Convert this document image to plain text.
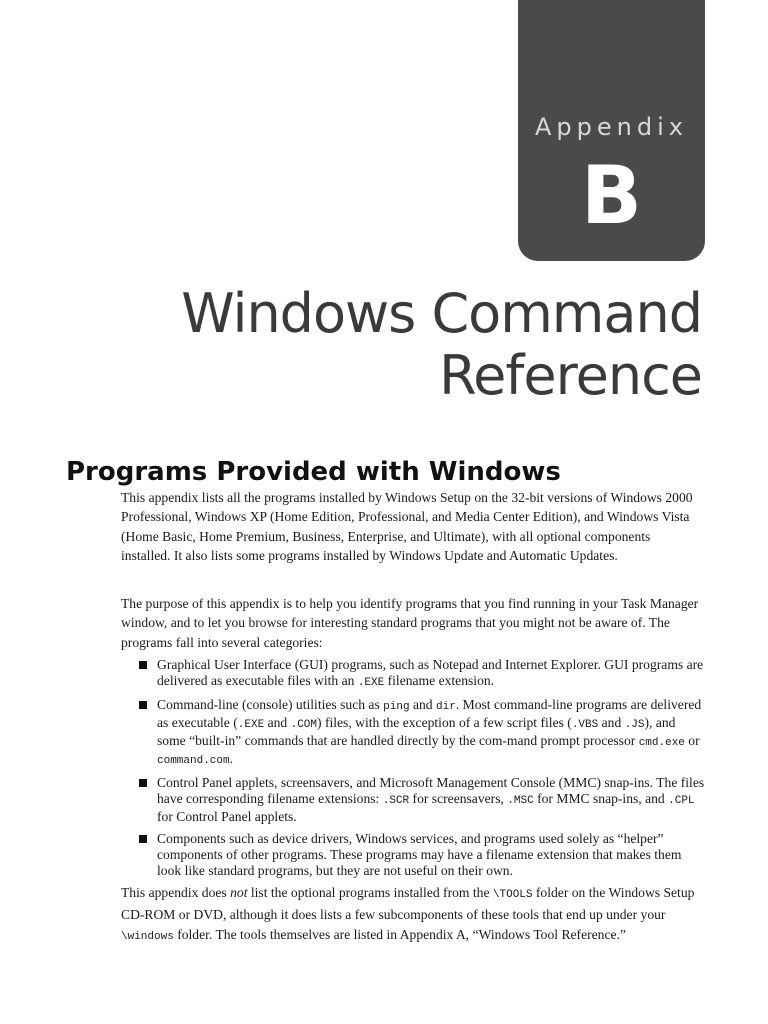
Appendix
B
Windows Command
Reference
Programs Provided with Windows

This appendix lists all the programs installed by Windows Setup on the 32-bit versions of Windows 2000 Professional, Windows XP (Home Edition, Professional, and Media Center Edition), and Windows Vista (Home Basic, Home Premium, Business, Enterprise, and Ultimate), with all optional components installed. It also lists some programs installed by Windows Update and Automatic Updates.

The purpose of this appendix is to help you identify programs that you find running in your Task Manager window, and to let you browse for interesting standard programs that you might not be aware of. The programs fall into several categories:

Graphical User Interface (GUI) programs, such as Notepad and Internet Explorer. GUI programs are delivered as executable files with an .EXE filename extension.
Command-line (console) utilities such as ping and dir. Most command-line programs are delivered as executable (.EXE and .COM) files, with the exception of a few script files (.VBS and .JS), and some “built-in” commands that are handled directly by the com-mand prompt processor cmd.exe or command.com.
Control Panel applets, screensavers, and Microsoft Management Console (MMC) snap-ins. The files have corresponding filename extensions: .SCR for screensavers, .MSC for MMC snap-ins, and .CPL for Control Panel applets.
Components such as device drivers, Windows services, and programs used solely as “helper” components of other programs. These programs may have a filename extension that makes them look like standard programs, but they are not useful on their own.

This appendix does not list the optional programs installed from the \TOOLS folder on the Windows Setup CD-ROM or DVD, although it does lists a few subcomponents of these tools that end up under your \windows folder. The tools themselves are listed in Appendix A, “Windows Tool Reference.”
